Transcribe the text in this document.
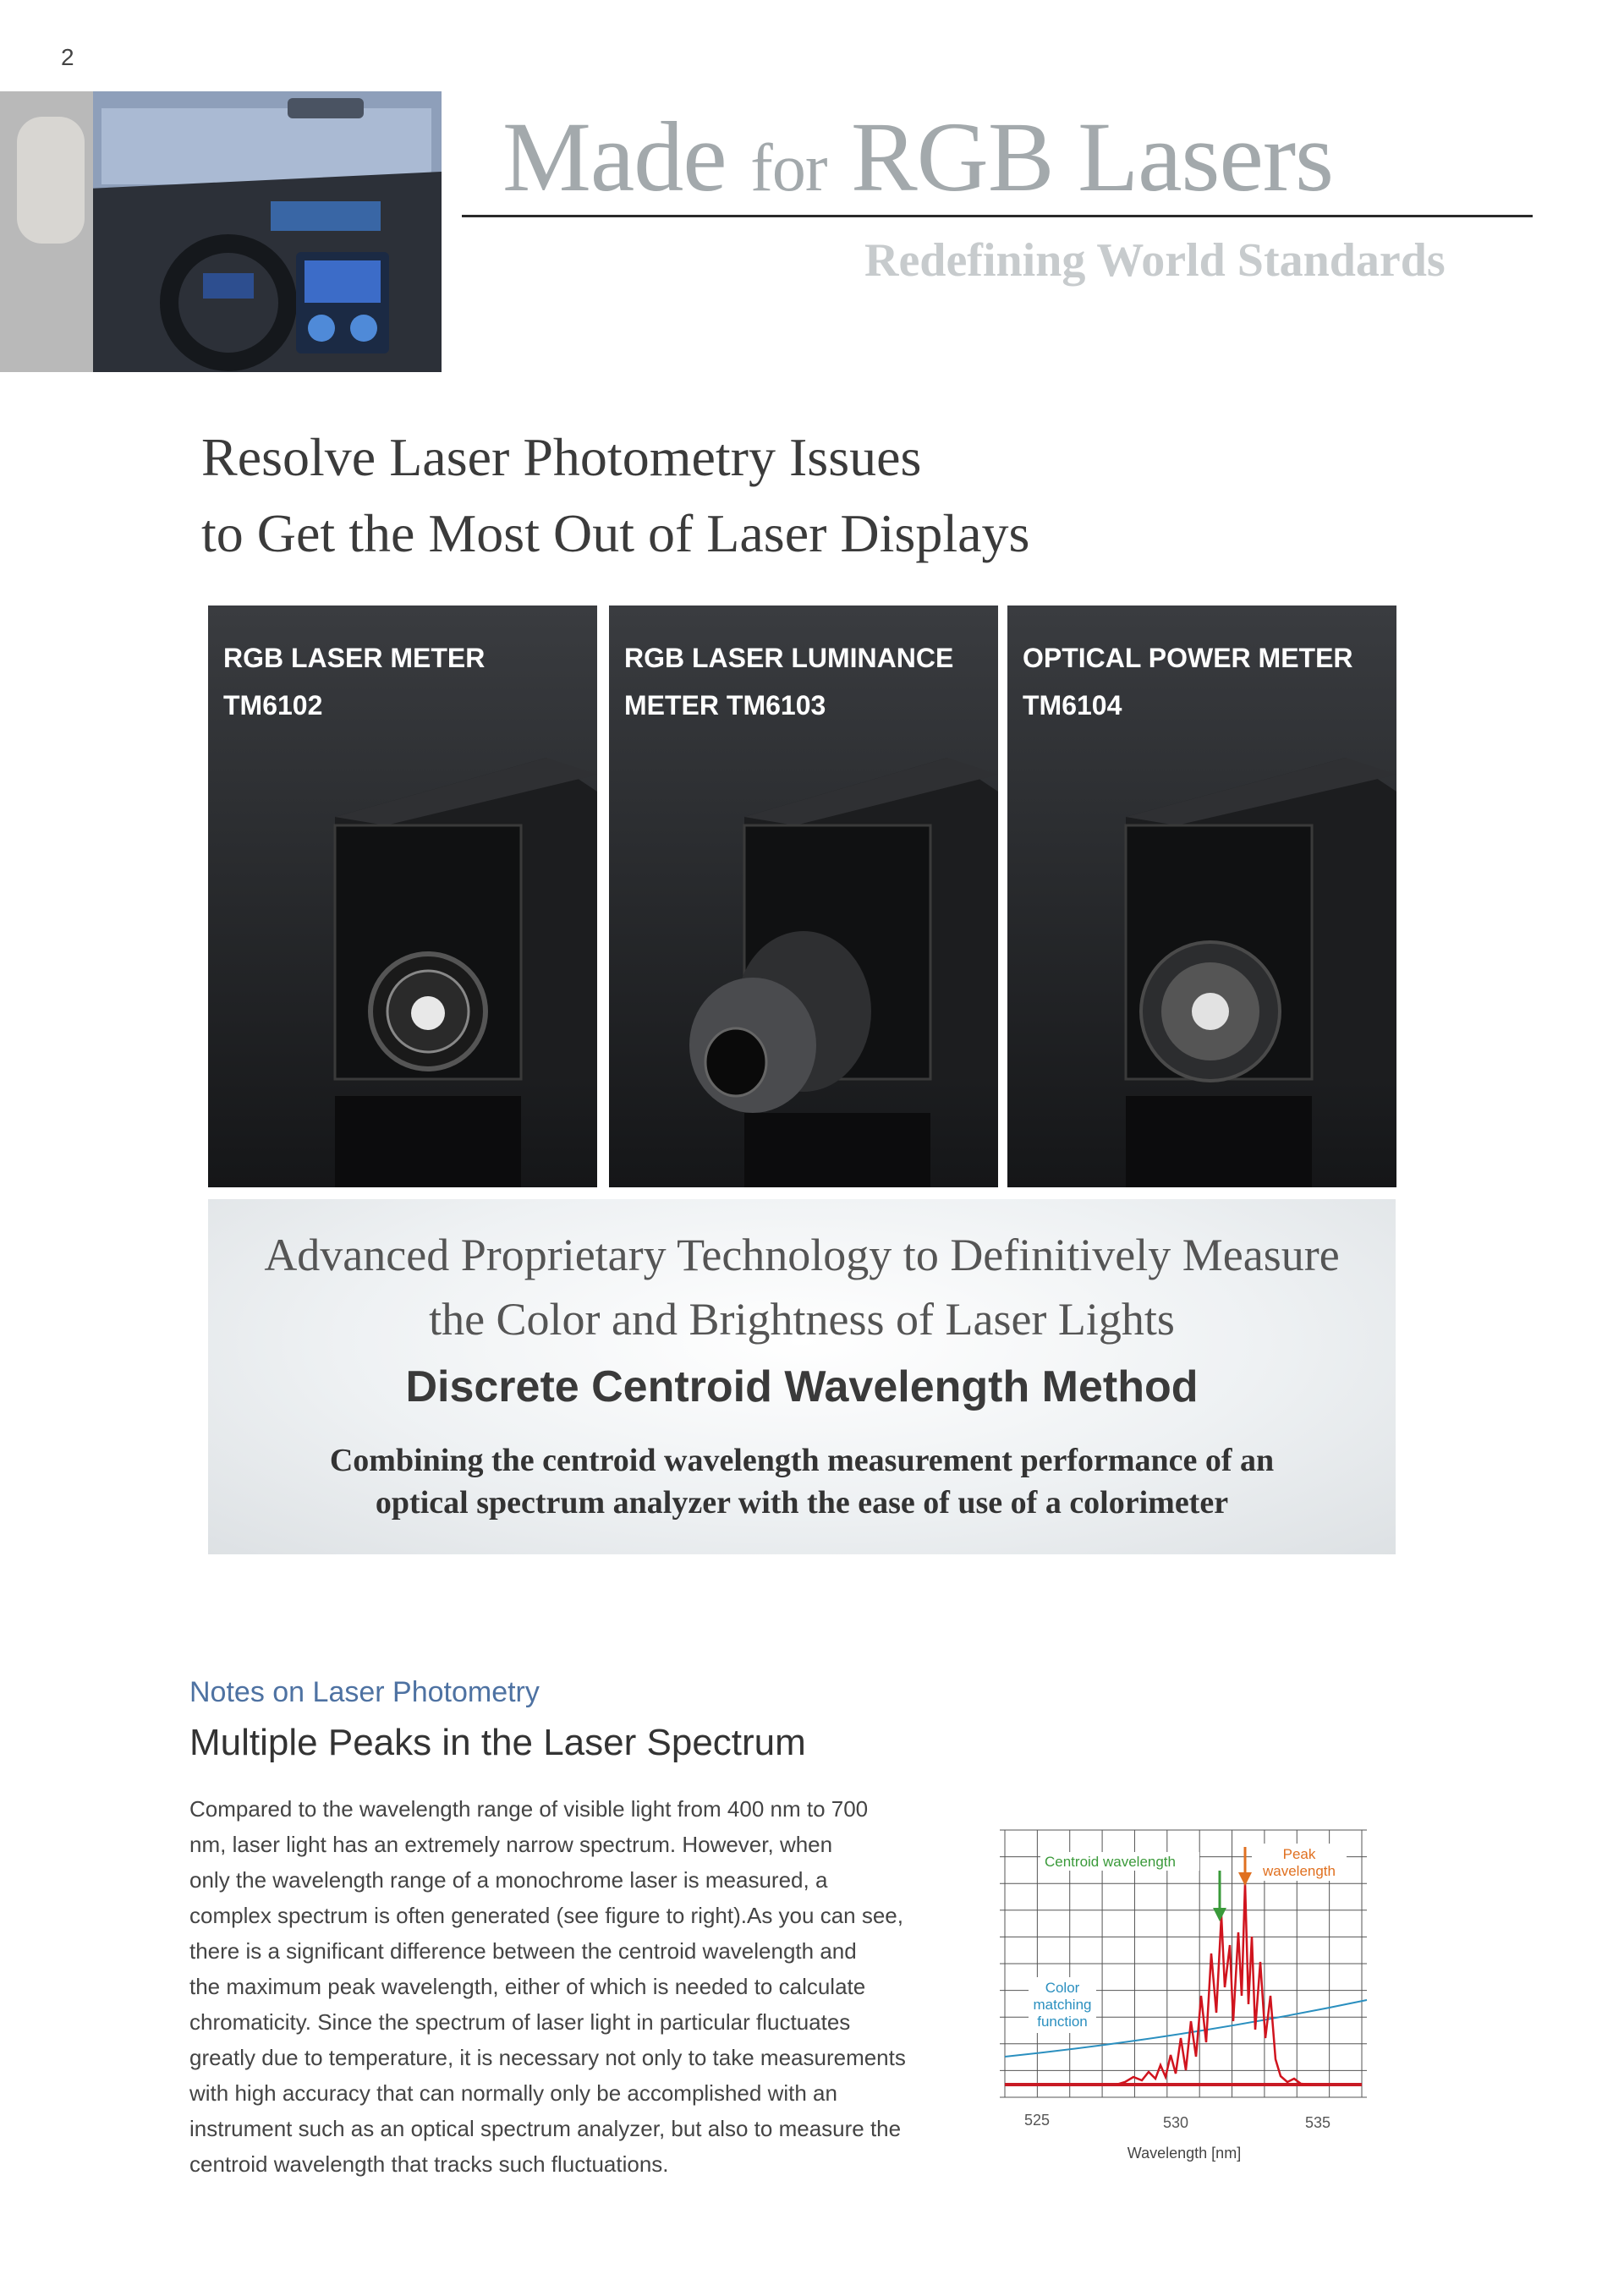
2
Made for RGB Lasers
Redefining World Standards
Resolve Laser Photometry Issues
to Get the Most Out of Laser Displays
RGB LASER METER
TM6102
RGB LASER LUMINANCE
METER TM6103
OPTICAL POWER METER
TM6104
Advanced Proprietary Technology to Definitively Measure
the Color and Brightness of Laser Lights
Discrete Centroid Wavelength Method
Combining the centroid wavelength measurement performance of an
optical spectrum analyzer with the ease of use of a colorimeter
Notes on Laser Photometry
Multiple Peaks in the Laser Spectrum
Compared to the wavelength range of visible light from 400 nm to 700
nm, laser light has an extremely narrow spectrum. However, when
only the wavelength range of a monochrome laser is measured, a
complex spectrum is often generated (see figure to right).As you can see,
there is a significant difference between the centroid wavelength and
the maximum peak wavelength, either of which is needed to calculate
chromaticity. Since the spectrum of laser light in particular fluctuates
greatly due to temperature, it is necessary not only to take measurements
with high accuracy that can normally only be accomplished with an
instrument such as an optical spectrum analyzer, but also to measure the
centroid wavelength that tracks such fluctuations.
Centroid wavelength	Peak
wavelength
Color
matching
function
525	530	535
Wavelength [nm]
